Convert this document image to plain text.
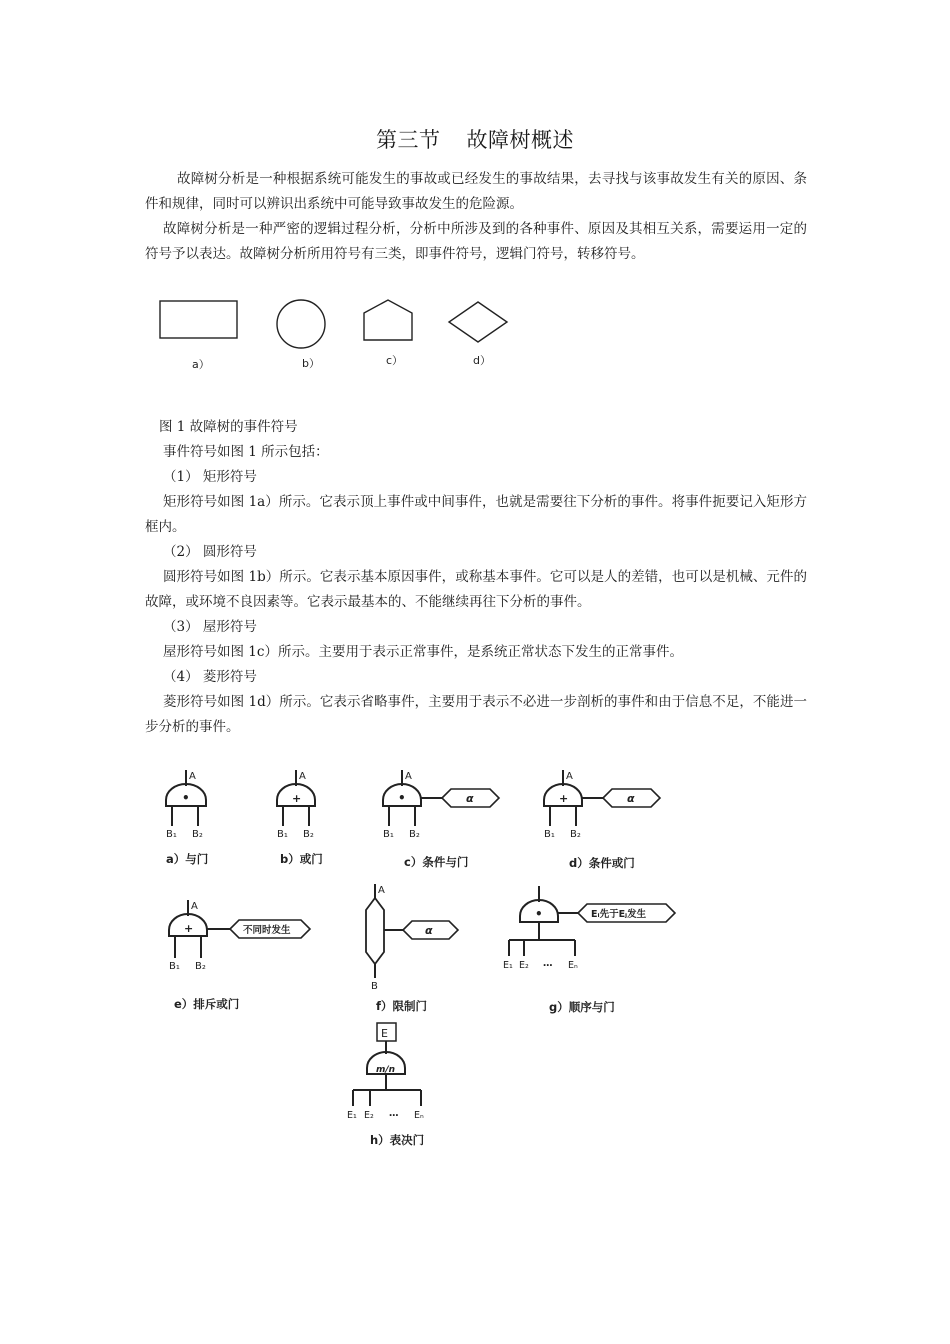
第三节 故障树概述
故障树分析是一种根据系统可能发生的事故或已经发生的事故结果，去寻找与该事故发生有关的原因、条件和规律，同时可以辨识出系统中可能导致事故发生的危险源。
故障树分析是一种严密的逻辑过程分析，分析中所涉及到的各种事件、原因及其相互关系，需要运用一定的符号予以表达。故障树分析所用符号有三类，即事件符号，逻辑门符号，转移符号。
a）	b）	c）	d）
图 1 故障树的事件符号
事件符号如图 1 所示包括：
（1） 矩形符号
矩形符号如图 1a）所示。它表示顶上事件或中间事件，也就是需要往下分析的事件。将事件扼要记入矩形方框内。
（2） 圆形符号
圆形符号如图 1b）所示。它表示基本原因事件，或称基本事件。它可以是人的差错，也可以是机械、元件的故障，或环境不良因素等。它表示最基本的、不能继续再往下分析的事件。
（3） 屋形符号
屋形符号如图 1c）所示。主要用于表示正常事件，是系统正常状态下发生的正常事件。
（4） 菱形符号
菱形符号如图 1d）所示。它表示省略事件，主要用于表示不必进一步剖析的事件和由于信息不足，不能进一步分析的事件。
A
•
B₁ B₂
A
+
B₁ B₂
A
•
B₁ B₂
α
A
+
B₁ B₂
α
A
+
B₁ B₂
不同时发生
A
B
α
•	Eᵢ先于Eⱼ发生
E₁ E₂ … Eₙ
E
m/n
E₁ E₂ … Eₙ
a）与门	b）或门	c）条件与门	d）条件或门
e）排斥或门	f）限制门	g）顺序与门
h）表决门
